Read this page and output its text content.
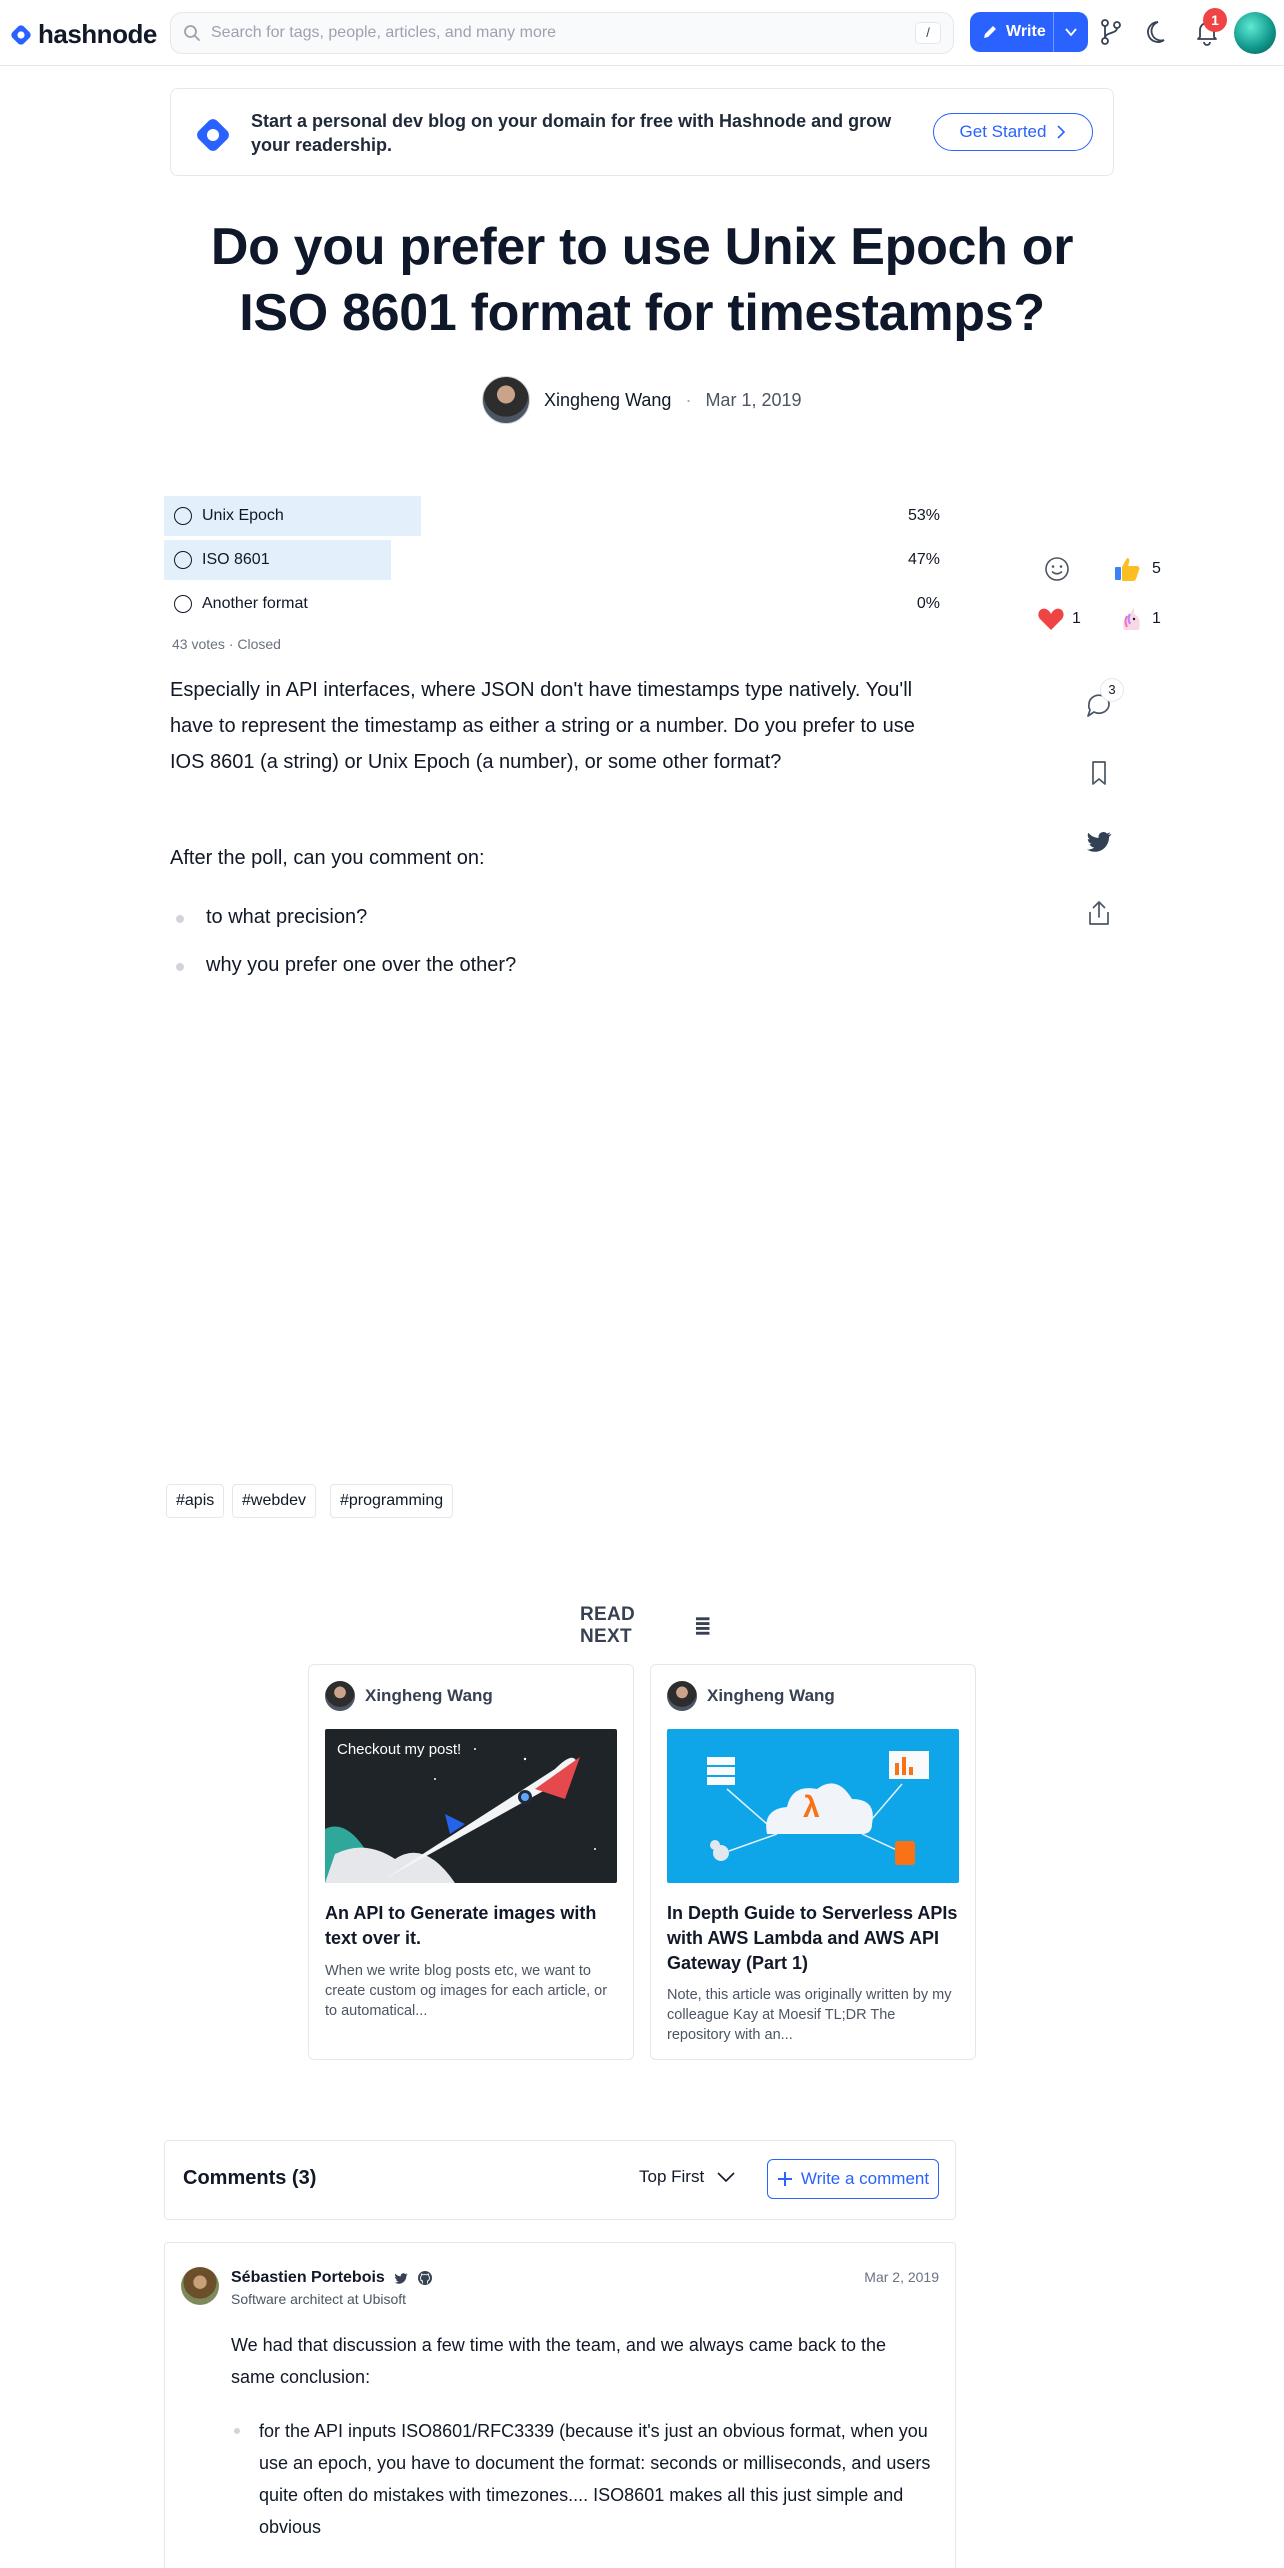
hashnode	Search for tags, people, articles, and many more	/	Write
1
Start a personal dev blog on your domain for free with Hashnode and grow your readership.
Get Started
Do you prefer to use Unix Epoch or ISO 8601 format for timestamps?
Xingheng Wang · Mar 1, 2019
Unix Epoch	53%
ISO 8601	47%
Another format	0%
43 votes · Closed

Especially in API interfaces, where JSON don't have timestamps type natively. You'll have to represent the timestamp as either a string or a number. Do you prefer to use IOS 8601 (a string) or Unix Epoch (a number), or some other format?

After the poll, can you comment on:

to what precision?
why you prefer one over the other?
5
1	1
3
#apis	#webdev	#programming
READ NEXT
Xingheng Wang
Checkout my post!
An API to Generate images with text over it.
When we write blog posts etc, we want to create custom og images for each article, or to automatical...
Xingheng Wang
λ
In Depth Guide to Serverless APIs with AWS Lambda and AWS API Gateway (Part 1)
Note, this article was originally written by my colleague Kay at Moesif TL;DR The repository with an...
Comments (3)	Top First	Write a comment
Sébastien Portebois
Software architect at Ubisoft
Mar 2, 2019

We had that discussion a few time with the team, and we always came back to the same conclusion:

for the API inputs ISO8601/RFC3339 (because it's just an obvious format, when you use an epoch, you have to document the format: seconds or milliseconds, and users quite often do mistakes with timezones.... ISO8601 makes all this just simple and obvious
